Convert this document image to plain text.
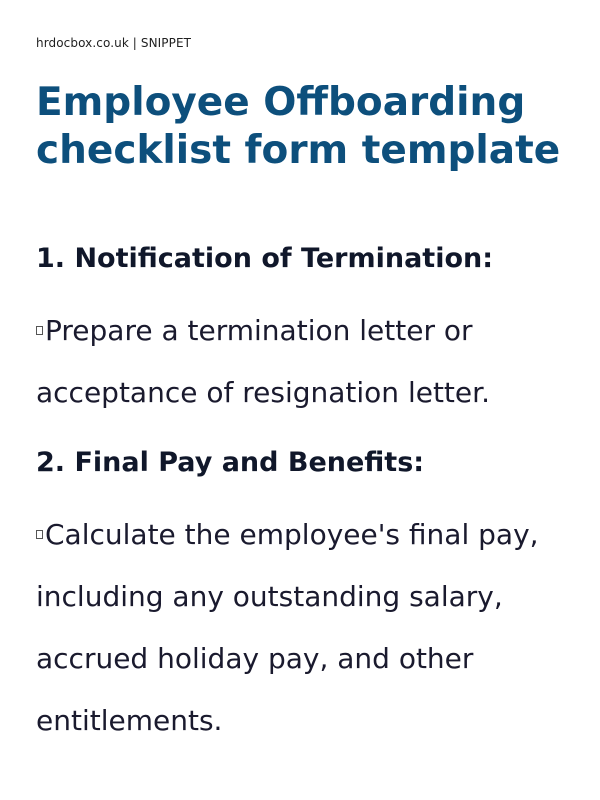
hrdocbox.co.uk | SNIPPET
Employee Offboarding checklist form template
1. Notification of Termination:

Prepare a termination letter or acceptance of resignation letter.

2. Final Pay and Benefits:

Calculate the employee's final pay, including any outstanding salary, accrued holiday pay, and other entitlements.
